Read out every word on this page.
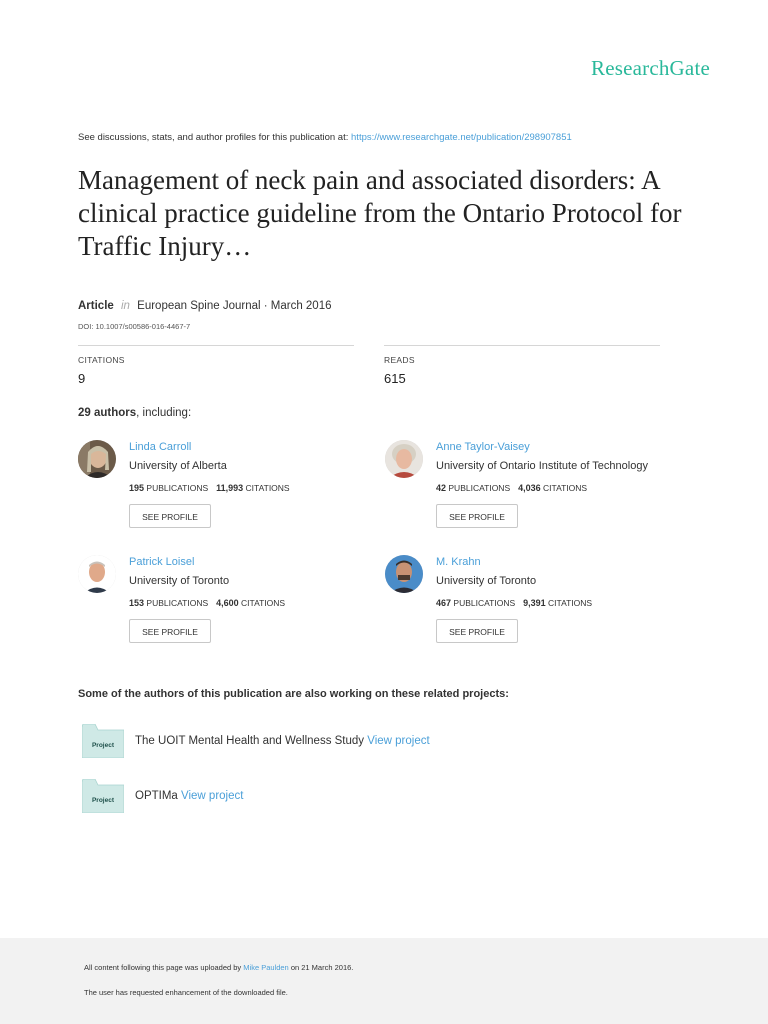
ResearchGate
See discussions, stats, and author profiles for this publication at: https://www.researchgate.net/publication/298907851
Management of neck pain and associated disorders: A clinical practice guideline from the Ontario Protocol for Traffic Injury…
Article in European Spine Journal · March 2016
DOI: 10.1007/s00586-016-4467-7
CITATIONS
9
READS
615
29 authors, including:
Linda Carroll
University of Alberta
195 PUBLICATIONS 11,993 CITATIONS
SEE PROFILE
Anne Taylor-Vaisey
University of Ontario Institute of Technology
42 PUBLICATIONS 4,036 CITATIONS
SEE PROFILE
Patrick Loisel
University of Toronto
153 PUBLICATIONS 4,600 CITATIONS
SEE PROFILE
M. Krahn
University of Toronto
467 PUBLICATIONS 9,391 CITATIONS
SEE PROFILE
Some of the authors of this publication are also working on these related projects:
Project The UOIT Mental Health and Wellness Study View project
Project OPTIMa View project
All content following this page was uploaded by Mike Paulden on 21 March 2016.
The user has requested enhancement of the downloaded file.
